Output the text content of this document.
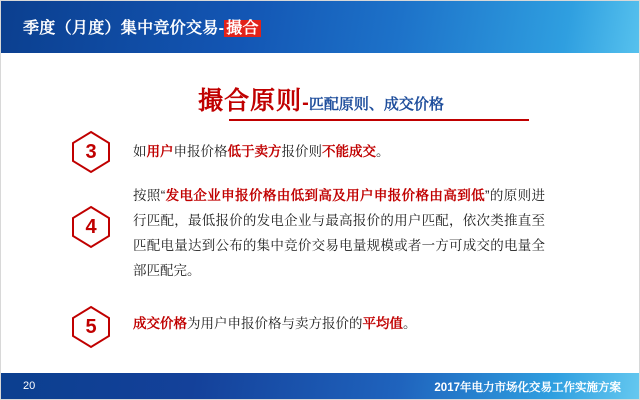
季度（月度）集中竞价交易- 撮合
撮合原则-匹配原则、成交价格
3	如用户申报价格低于卖方报价则不能成交。
4
按照“发电企业申报价格由低到高及用户申报价格由高到低”的原则进行匹配，最低报价的发电企业与最高报价的用户匹配，依次类推直至匹配电量达到公布的集中竞价交易电量规模或者一方可成交的电量全部匹配完。
5	成交价格为用户申报价格与卖方报价的平均值。
20	2017年电力市场化交易工作实施方案
